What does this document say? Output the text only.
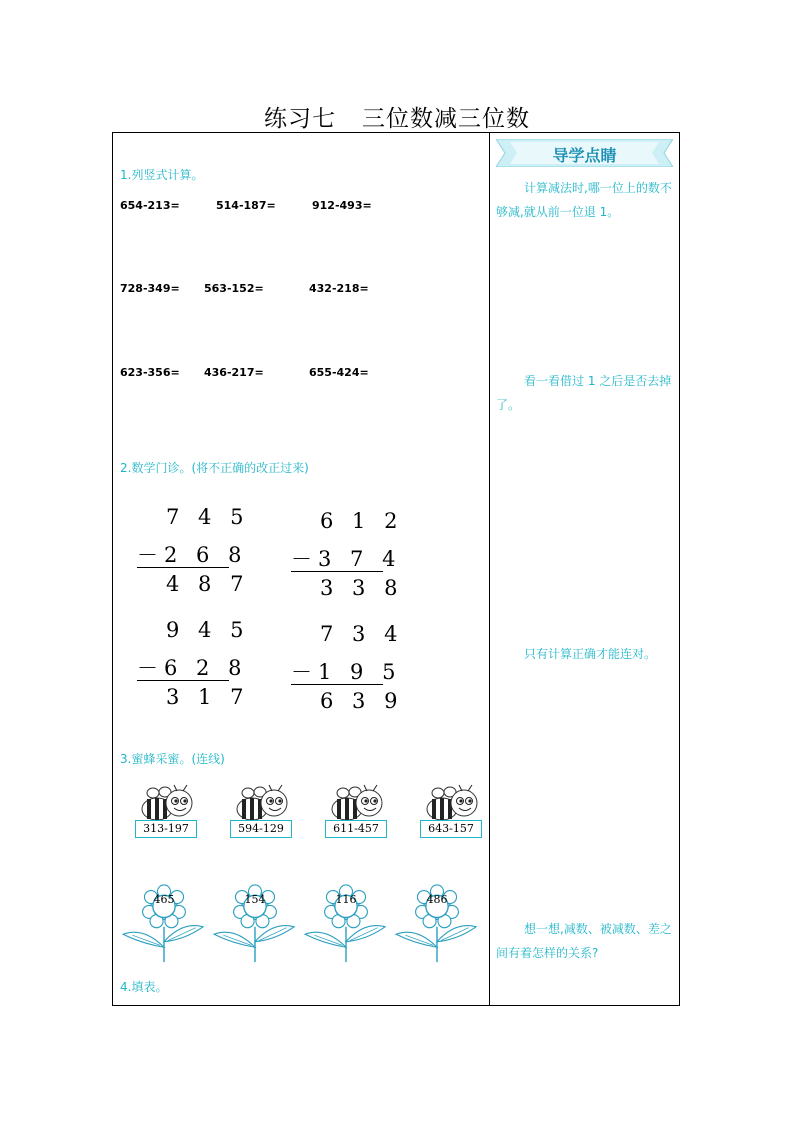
练习七 三位数减三位数
1.列竖式计算。
654-213=	514-187=	912-493=
728-349= 563-152=	432-218=
623-356= 436-217=	655-424=
2.数学门诊。(将不正确的改正过来)
7 4 5
－2 6 8
4 8 7
6 1 2
－3 7 4
3 3 8
9 4 5
－6 2 8
3 1 7
7 3 4
－1 9 5
6 3 9
3.蜜蜂采蜜。(连线)
313-197	594-129	611-457	643-157
465	154	116	486
4.填表。
导学点睛
计算减法时,哪一位上的数不够减,就从前一位退 1。
看一看借过 1 之后是否去掉了。
只有计算正确才能连对。
想一想,减数、被减数、差之间有着怎样的关系?
